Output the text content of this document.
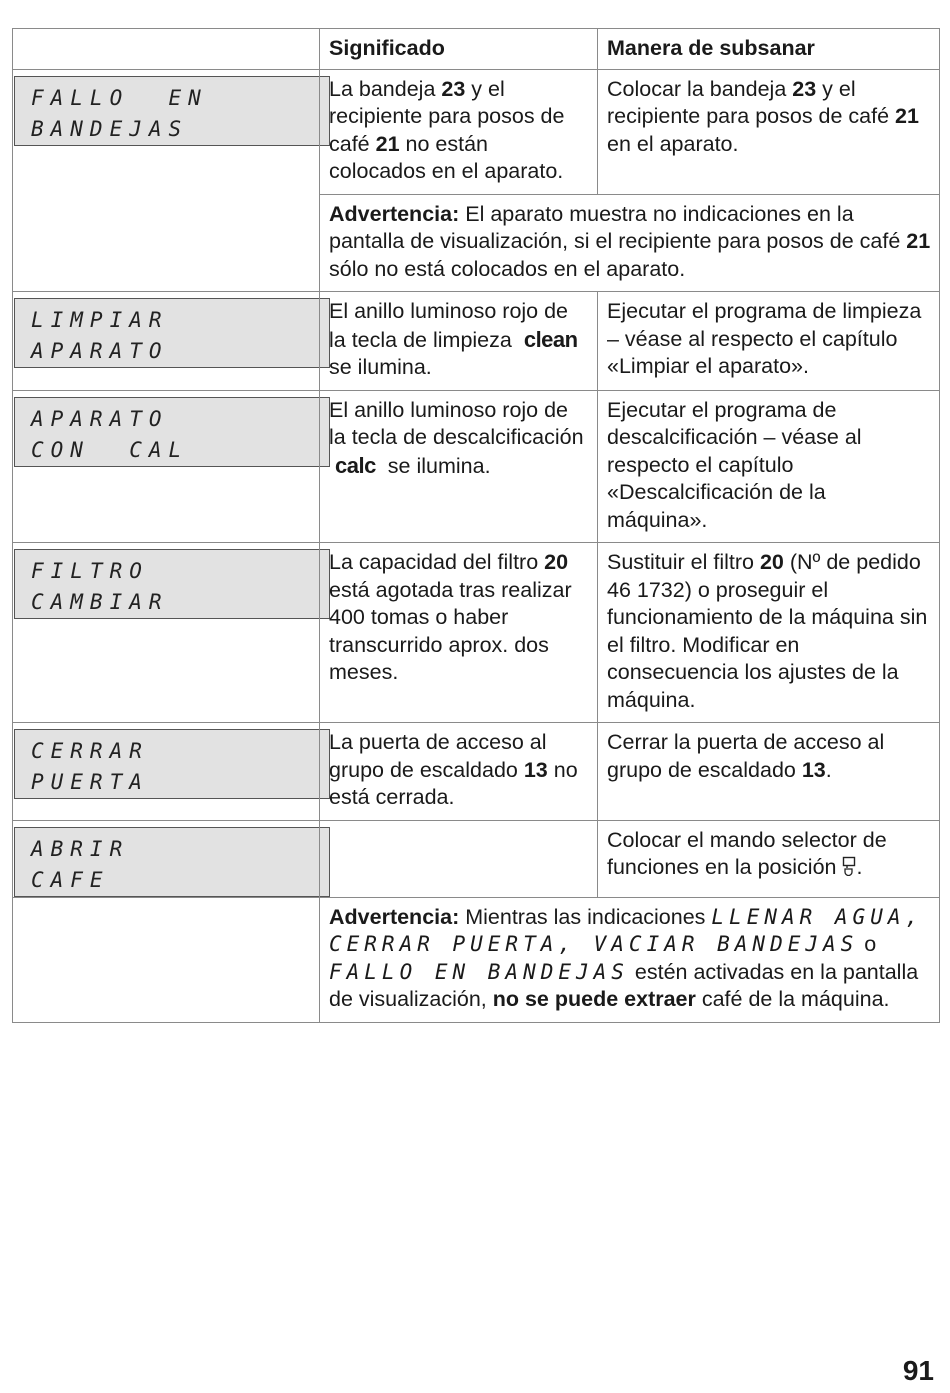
	Significado	Manera de subsanar

FALLO  EN
BANDEJAS	La bandeja 23 y el recipiente para posos de café 21 no están colocados en el aparato.	Colocar la bandeja 23 y el recipiente para posos de café 21 en el aparato.
	Advertencia: El aparato muestra no indicaciones en la pantalla de visualización, si el recipiente para posos de café 21 sólo no está colocados en el aparato.	

LIMPIAR
APARATO	El anillo luminoso rojo de la tecla de limpieza clean se ilumina.	Ejecutar el programa de limpieza – véase al respecto el capítulo «Limpiar el aparato».

APARATO
CON  CAL	El anillo luminoso rojo de la tecla de descalcificación calc se ilumina.	Ejecutar el programa de descalcificación – véase al respecto el capítulo «Descalcificación de la máquina».

FILTRO
CAMBIAR	La capacidad del filtro 20 está agotada tras realizar 400 tomas o haber transcurrido aprox. dos meses.	Sustituir el filtro 20 (Nº de pedido 46 1732) o proseguir el funcionamiento de la máquina sin el filtro. Modificar en consecuencia los ajustes de la máquina.

CERRAR
PUERTA	La puerta de acceso al grupo de escaldado 13 no está cerrada.	Cerrar la puerta de acceso al grupo de escaldado 13.

ABRIR
CAFE		Colocar el mando selector de funciones en la posición .
	Advertencia: Mientras las indicaciones LLENAR AGUA, CERRAR PUERTA, VACIAR BANDEJAS o FALLO EN BANDEJAS estén activadas en la pantalla de visualización, no se puede extraer café de la máquina.	
91
